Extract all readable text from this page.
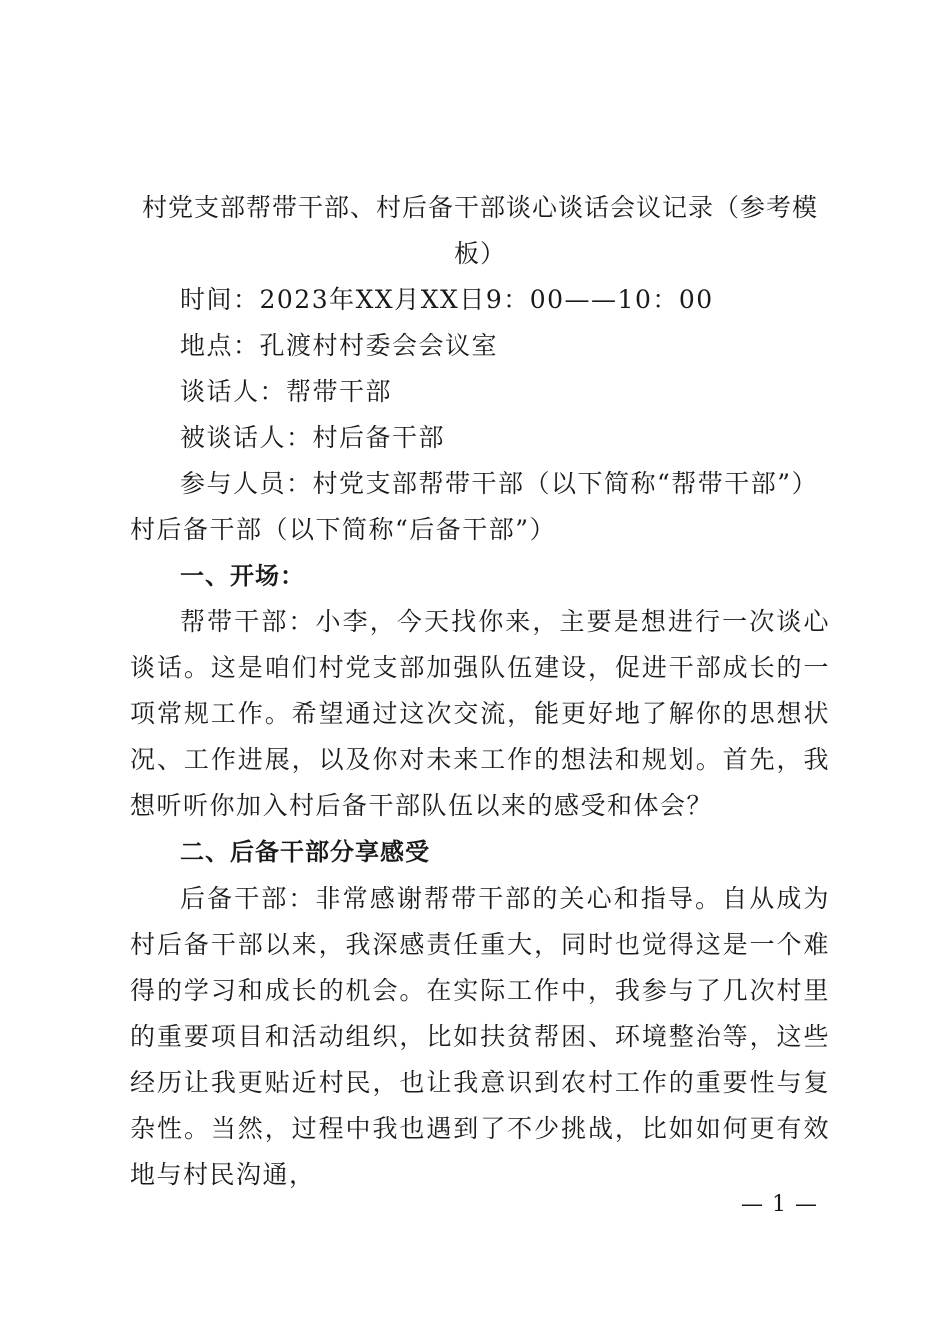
村党支部帮带干部、村后备干部谈心谈话会议记录（参考模板）
时间：2023年XX月XX日9：00——10：00
地点：孔渡村村委会会议室
谈话人：帮带干部
被谈话人：村后备干部
参与人员：村党支部帮带干部（以下简称“帮带干部”）村后备干部（以下简称“后备干部”）
一、开场：
帮带干部：小李，今天找你来，主要是想进行一次谈心谈话。这是咱们村党支部加强队伍建设，促进干部成长的一项常规工作。希望通过这次交流，能更好地了解你的思想状况、工作进展，以及你对未来工作的想法和规划。首先，我想听听你加入村后备干部队伍以来的感受和体会？
二、后备干部分享感受
后备干部：非常感谢帮带干部的关心和指导。自从成为村后备干部以来，我深感责任重大，同时也觉得这是一个难得的学习和成长的机会。在实际工作中，我参与了几次村里的重要项目和活动组织，比如扶贫帮困、环境整治等，这些经历让我更贴近村民，也让我意识到农村工作的重要性与复杂性。当然，过程中我也遇到了不少挑战，比如如何更有效地与村民沟通，
— 1 —
